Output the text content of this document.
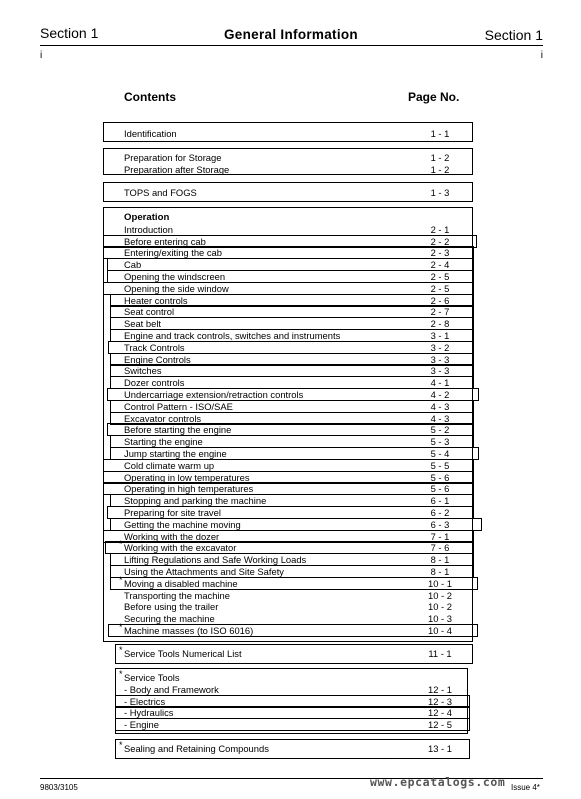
Section 1	General Information	Section 1
i	i
Contents	Page No.
Identification	1 - 1
Preparation for Storage	1 - 2
Preparation after Storage	1 - 2
TOPS and FOGS	1 - 3
Operation
Introduction	2 - 1
Before entering cab	2 - 2
Entering/exiting the cab	2 - 3
Cab	2 - 4
Opening the windscreen	2 - 5
Opening the side window	2 - 5
Heater controls	2 - 6
Seat control	2 - 7
Seat belt	2 - 8
Engine and track controls, switches and instruments	3 - 1
Track Controls	3 - 2
Engine Controls	3 - 3
Switches	3 - 3
Dozer controls	4 - 1
Undercarriage extension/retraction controls	4 - 2
Control Pattern - ISO/SAE	4 - 3
Excavator controls	4 - 3
Before starting the engine	5 - 2
Starting the engine	5 - 3
Jump starting the engine	5 - 4
Cold climate warm up	5 - 5
Operating in low temperatures	5 - 6
Operating in high temperatures	5 - 6
Stopping and parking the machine	6 - 1
Preparing for site travel	6 - 2
Getting the machine moving	6 - 3
Working with the dozer	7 - 1
Working with the excavator	7 - 6
*
Lifting Regulations and Safe Working Loads	8 - 1
Using the Attachments and Site Safety	8 - 1
Moving a disabled machine	10 - 1
*
Transporting the machine	10 - 2
Before using the trailer	10 - 2
Securing the machine	10 - 3
Machine masses (to ISO 6016)	10 - 4
*
Service Tools Numerical List	11 - 1
*
Service Tools
*
- Body and Framework	12 - 1
- Electrics	12 - 3
- Hydraulics	12 - 4
- Engine	12 - 5
Sealing and Retaining Compounds	13 - 1
*
9803/3105	Issue 4*
www.epcatalogs.com
